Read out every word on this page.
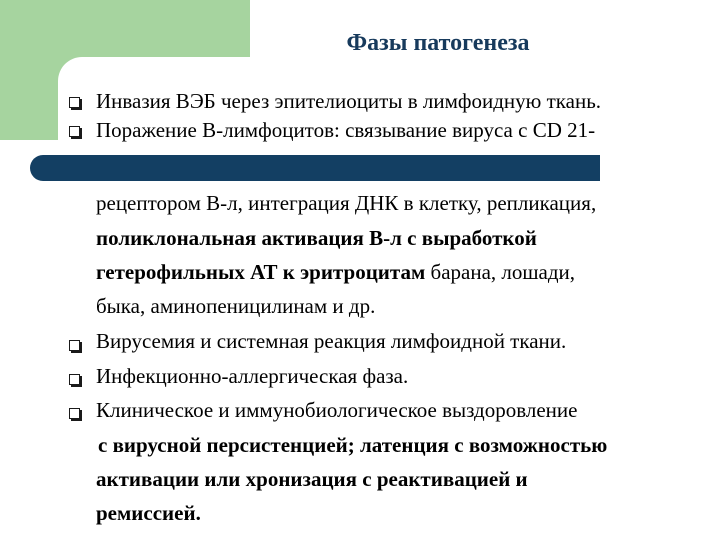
Фазы патогенеза
Инвазия ВЭБ через эпителиоциты в лимфоидную ткань.
Поражение В-лимфоцитов: связывание вируса с CD 21-
рецептором В-л, интеграция ДНК в клетку, репликация,
поликлональная активация В-л с выработкой
гетерофильных АТ к эритроцитам барана, лошади,
быка, аминопеницилинам и др.
Вирусемия и системная реакция лимфоидной ткани.
Инфекционно-аллергическая фаза.
Клиническое и иммунобиологическое выздоровление
с вирусной персистенцией; латенция с возможностью
активации или хронизация с реактивацией и
ремиссией.
